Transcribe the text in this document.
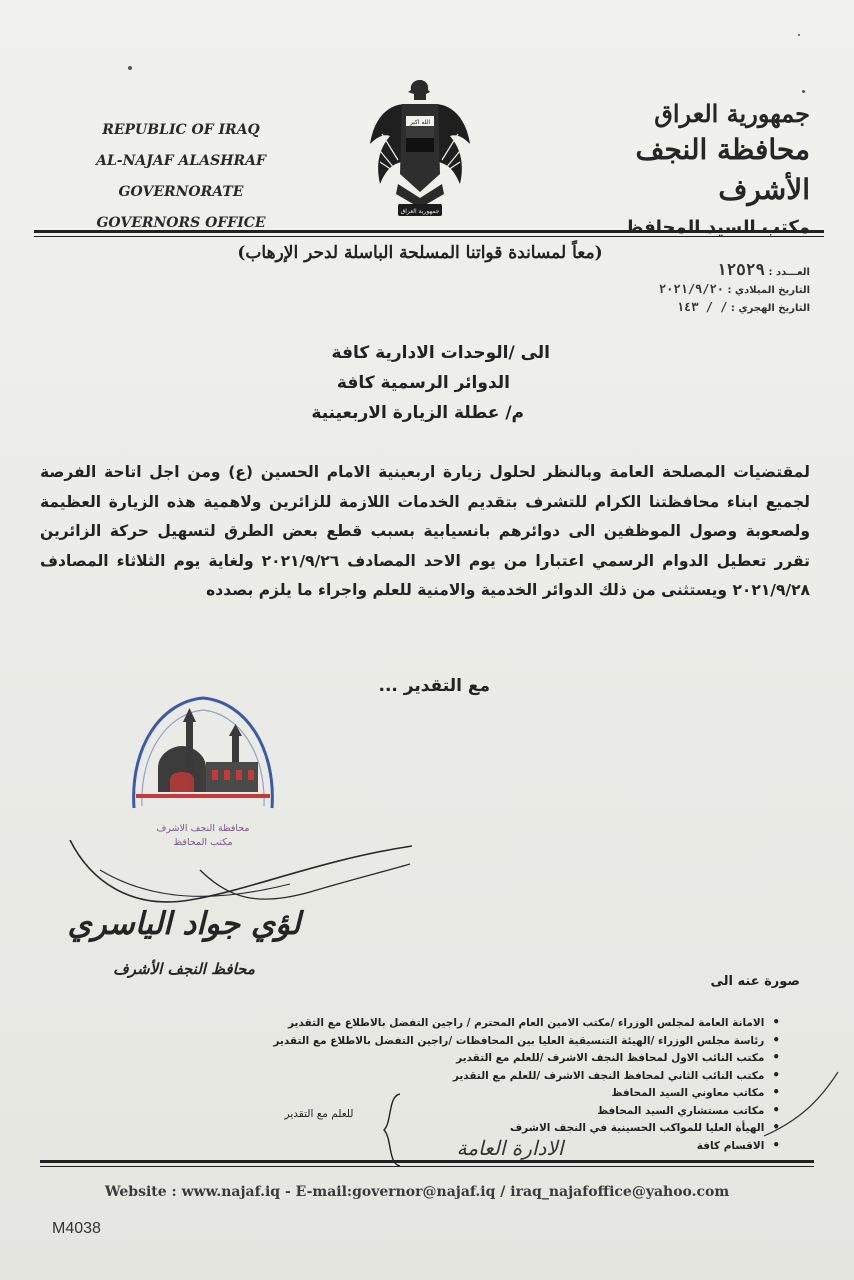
REPUBLIC OF IRAQ
AL-NAJAF ALASHRAF GOVERNORATE
GOVERNORS OFFICE
الله اكبر
جمهورية العراق
جمهورية العراق
محافظة النجف الأشرف
مكتب السيد المحافظ
(معاً لمساندة قواتنا المسلحة الباسلة لدحر الإرهاب)
العـــدد : ١٢٥٢٩
التاريخ الميلادي : ٢٠٢١/٩/٢٠
التاريخ الهجري : / / ١٤٣
الى /الوحدات الادارية كافة
الدوائر الرسمية كافة
م/ عطلة الزيارة الاربعينية
لمقتضيات المصلحة العامة وبالنظر لحلول زيارة اربعينية الامام الحسين (ع) ومن اجل اتاحة الفرصة لجميع ابناء محافظتنا الكرام للتشرف بتقديم الخدمات اللازمة للزائرين ولاهمية هذه الزيارة العظيمة ولصعوبة وصول الموظفين الى دوائرهم بانسيابية بسبب قطع بعض الطرق لتسهيل حركة الزائرين تقرر تعطيل الدوام الرسمي اعتبارا من يوم الاحد المصادف ٢٠٢١/٩/٢٦ ولغاية يوم الثلاثاء المصادف ٢٠٢١/٩/٢٨ ويستثنى من ذلك الدوائر الخدمية والامنية للعلم واجراء ما يلزم بصدده
مع التقدير ...
محافظة النجف الاشرف
مكتب المحافظ
لؤي جواد الياسري
محافظ النجف الأشرف
صورة عنه الى
• الامانة العامة لمجلس الوزراء /مكتب الامين العام المحترم / راجين التفضل بالاطلاع مع التقدير
• رئاسة مجلس الوزراء /الهيئة التنسيقية العليا بين المحافظات /راجين التفضل بالاطلاع مع التقدير
• مكتب النائب الاول لمحافظ النجف الاشرف /للعلم مع التقدير
• مكتب النائب الثاني لمحافظ النجف الاشرف /للعلم مع التقدير
• مكاتب معاوني السيد المحافظ
• مكاتب مستشاري السيد المحافظ
• الهيأة العليا للمواكب الحسينية في النجف الاشرف
• الاقسام كافة
للعلم مع التقدير
الادارة العامة
Website : www.najaf.iq - E-mail:governor@najaf.iq / iraq_najafoffice@yahoo.com
M4038
